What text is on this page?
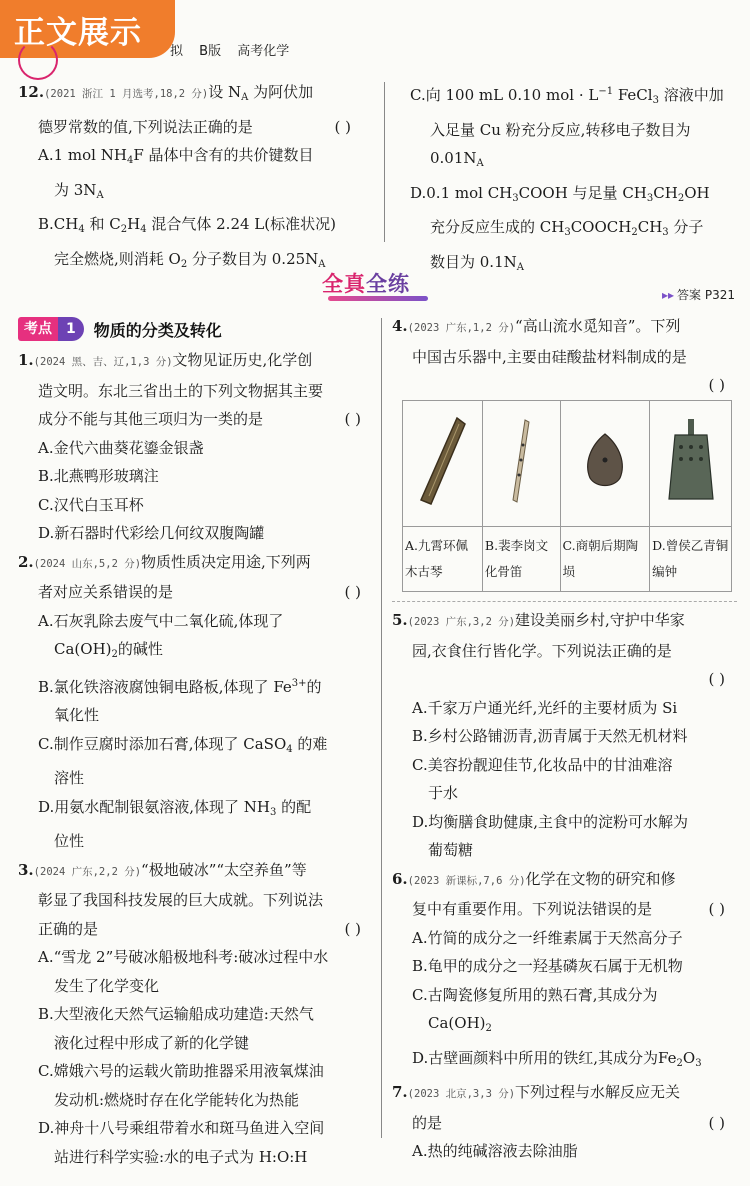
正文展示
拟 B版 高考化学
12.(2021 浙江 1 月选考,18,2 分)设 $N_A$ 为阿伏加
德罗常数的值,下列说法正确的是	( )
A.1 mol $NH_4F$ 晶体中含有的共价键数目
为 $3N_A$
$B.CH_4$ 和 $C_2H_4$ 混合气体 2.24 L(标准状况)
完全燃烧,则消耗 $O_2$ 分子数目为 $0.25N_A$
C.向 100 mL 0.10 mol · $L^{-1}$ FeCl$_3$ 溶液中加
入足量 Cu 粉充分反应,转移电子数目为
$0.01N_A$
D.0.1 mol $CH_3COOH$ 与足量 $CH_3CH_2OH$
充分反应生成的 $CH_3COOCH_2CH_3$ 分子
数目为 $0.1N_A$
全真全练	▸▸ 答案 P321
考点	1	物质的分类及转化
1.(2024 黑、吉、辽,1,3 分)文物见证历史,化学创
造文明。东北三省出土的下列文物据其主要
成分不能与其他三项归为一类的是	( )
A.金代六曲葵花鎏金银盏
B.北燕鸭形玻璃注
C.汉代白玉耳杯
D.新石器时代彩绘几何纹双腹陶罐
2.(2024 山东,5,2 分)物质性质决定用途,下列两
者对应关系错误的是	( )
A.石灰乳除去废气中二氧化硫,体现了
$Ca(OH)_2$的碱性
B.氯化铁溶液腐蚀铜电路板,体现了 $Fe^{3+}$的
氧化性
C.制作豆腐时添加石膏,体现了 CaSO$_4$ 的难
溶性
D.用氨水配制银氨溶液,体现了 $NH_3$ 的配
位性
3.(2024 广东,2,2 分)“极地破冰”“太空养鱼”等
彰显了我国科技发展的巨大成就。下列说法
正确的是	( )
A.“雪龙 2”号破冰船极地科考:破冰过程中水
发生了化学变化
B.大型液化天然气运输船成功建造:天然气
液化过程中形成了新的化学键
C.嫦娥六号的运载火箭助推器采用液氧煤油
发动机:燃烧时存在化学能转化为热能
D.神舟十八号乘组带着水和斑马鱼进入空间
站进行科学实验:水的电子式为 H:O:H
4.(2023 广东,1,2 分)“高山流水觅知音”。下列
中国古乐器中,主要由硅酸盐材料制成的是
( )

A.九霄环佩木古琴	B.裴李岗文化骨笛	C.商朝后期陶埙	D.曾侯乙青铜编钟
5.(2023 广东,3,2 分)建设美丽乡村,守护中华家
园,衣食住行皆化学。下列说法正确的是
( )

A.千家万户通光纤,光纤的主要材质为 Si
B.乡村公路铺沥青,沥青属于天然无机材料
C.美容扮靓迎佳节,化妆品中的甘油难溶
于水
D.均衡膳食助健康,主食中的淀粉可水解为
葡萄糖
6.(2023 新课标,7,6 分)化学在文物的研究和修
复中有重要作用。下列说法错误的是	( )
A.竹简的成分之一纤维素属于天然高分子
B.龟甲的成分之一羟基磷灰石属于无机物
C.古陶瓷修复所用的熟石膏,其成分为
$Ca(OH)_2$
D.古壁画颜料中所用的铁红,其成分为$Fe_2O_3$
7.(2023 北京,3,3 分)下列过程与水解反应无关
的是	( )
A.热的纯碱溶液去除油脂
